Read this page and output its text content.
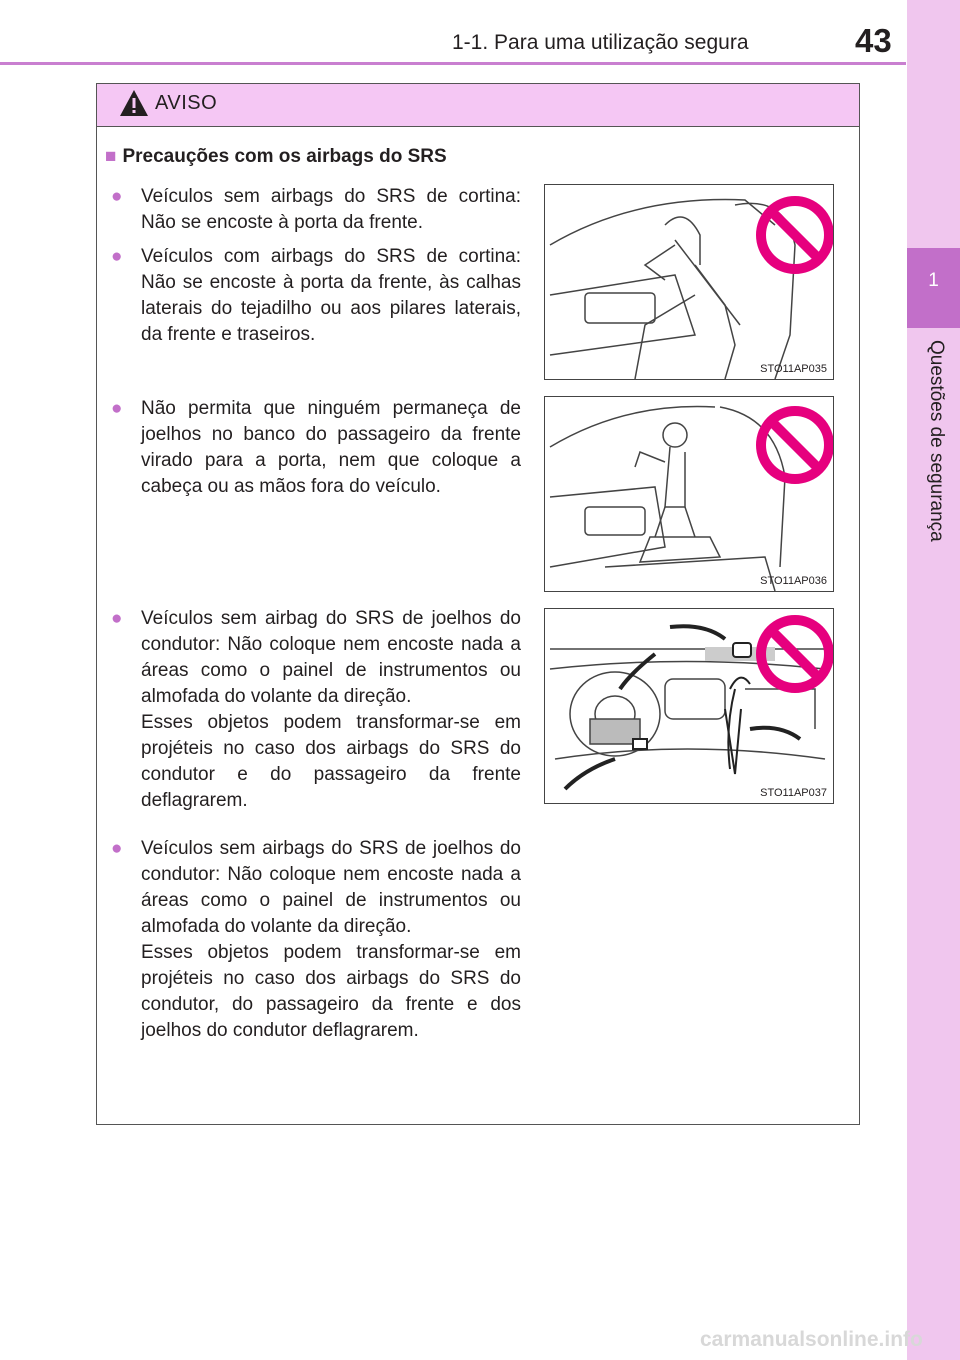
1-1. Para uma utilização segura	43
1
Questões de segurança
AVISO
■ Precauções com os airbags do SRS
● Veículos sem airbags do SRS de cortina: Não se encoste à porta da frente.
● Veículos com airbags do SRS de cortina: Não se encoste à porta da frente, às calhas laterais do tejadilho ou aos pilares laterais, da frente e traseiros.
● Não permita que ninguém permaneça de joelhos no banco do passageiro da frente virado para a porta, nem que coloque a cabeça ou as mãos fora do veículo.
● Veículos sem airbag do SRS de joelhos do condutor: Não coloque nem encoste nada a áreas como o painel de instrumentos ou almofada do volante da direção.
Esses objetos podem transformar-se em projéteis no caso dos airbags do SRS do condutor e do passageiro da frente deflagrarem.
● Veículos sem airbags do SRS de joelhos do condutor: Não coloque nem encoste nada a áreas como o painel de instrumentos ou almofada do volante da direção.
Esses objetos podem transformar-se em projéteis no caso dos airbags do SRS do condutor, do passageiro da frente e dos joelhos do condutor deflagrarem.
STO11AP035
STO11AP036
STO11AP037
carmanualsonline.info
